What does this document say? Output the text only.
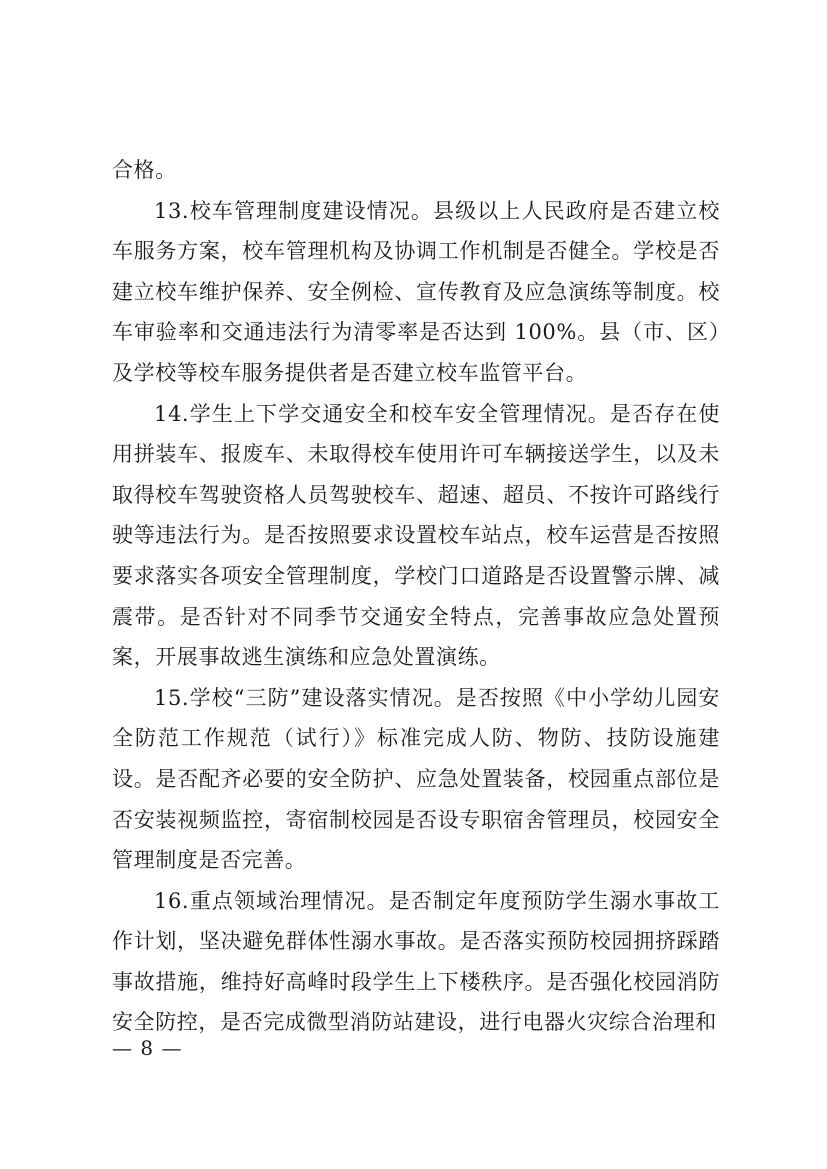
合格。

13.校车管理制度建设情况。县级以上人民政府是否建立校车服务方案，校车管理机构及协调工作机制是否健全。学校是否建立校车维护保养、安全例检、宣传教育及应急演练等制度。校车审验率和交通违法行为清零率是否达到 100%。县（市、区）及学校等校车服务提供者是否建立校车监管平台。

14.学生上下学交通安全和校车安全管理情况。是否存在使用拼装车、报废车、未取得校车使用许可车辆接送学生，以及未取得校车驾驶资格人员驾驶校车、超速、超员、不按许可路线行驶等违法行为。是否按照要求设置校车站点，校车运营是否按照要求落实各项安全管理制度，学校门口道路是否设置警示牌、减震带。是否针对不同季节交通安全特点，完善事故应急处置预案，开展事故逃生演练和应急处置演练。

15.学校“三防”建设落实情况。是否按照《中小学幼儿园安全防范工作规范（试行）》标准完成人防、物防、技防设施建设。是否配齐必要的安全防护、应急处置装备，校园重点部位是否安装视频监控，寄宿制校园是否设专职宿舍管理员，校园安全管理制度是否完善。

16.重点领域治理情况。是否制定年度预防学生溺水事故工作计划，坚决避免群体性溺水事故。是否落实预防校园拥挤踩踏事故措施，维持好高峰时段学生上下楼秩序。是否强化校园消防安全防控，是否完成微型消防站建设，进行电器火灾综合治理和

— 8 —
